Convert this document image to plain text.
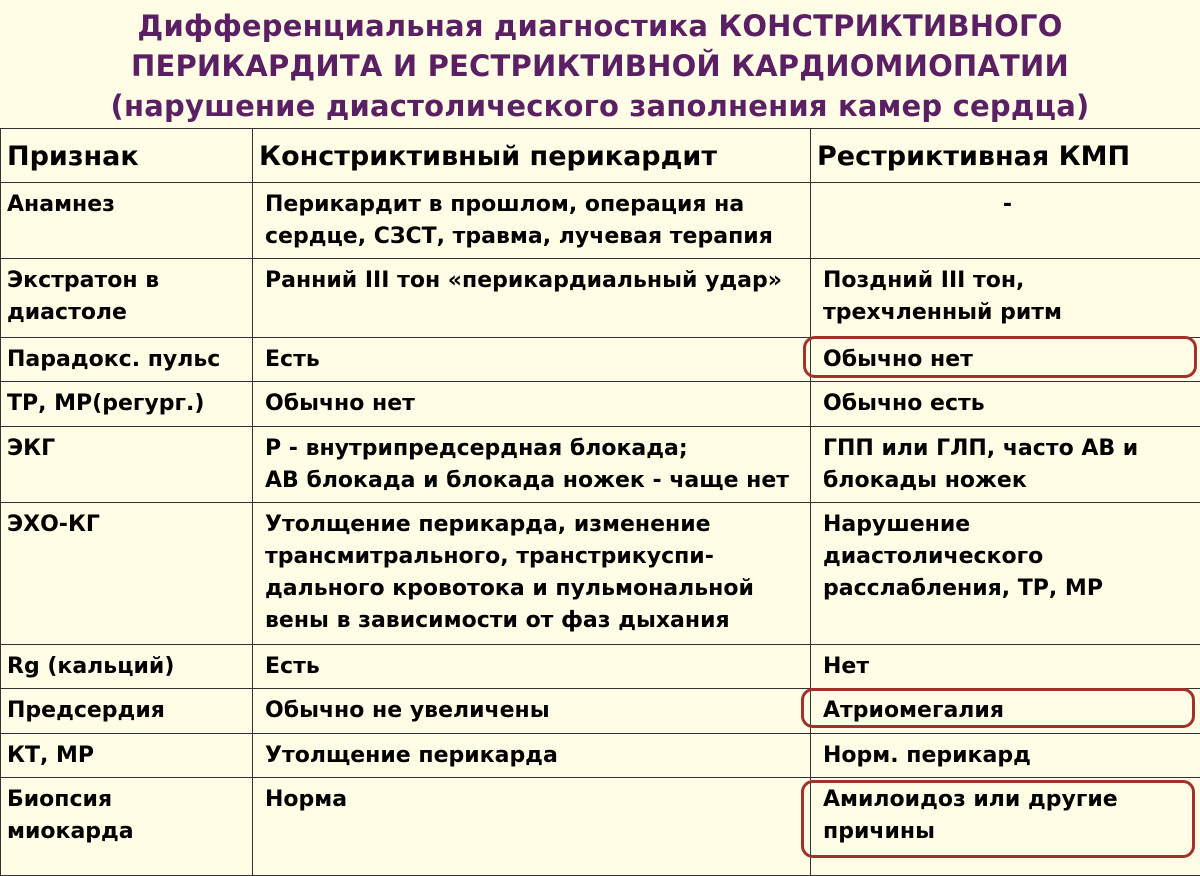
Дифференциальная диагностика КОНСТРИКТИВНОГО
ПЕРИКАРДИТА И РЕСТРИКТИВНОЙ КАРДИОМИОПАТИИ
(нарушение диастолического заполнения камер сердца)
Признак	Констриктивный перикардит	Рестриктивная КМП

Анамнез	Перикардит в прошлом, операция на
сердце, СЗСТ, травма, лучевая терапия	-

Экстратон в
диастоле	Ранний III тон «перикардиальный удар»	Поздний III тон,
трехчленный ритм

Парадокс. пульс	Есть	Обычно нет

ТР, МР(регург.)	Обычно нет	Обычно есть

ЭКГ	Р - внутрипредсердная блокада;
АВ блокада и блокада ножек - чаще нет	ГПП или ГЛП, часто АВ и
блокады ножек

ЭХО-КГ	Утолщение перикарда, изменение
трансмитрального, транстрикуспи-
дального кровотока и пульмональной
вены в зависимости от фаз дыхания	Нарушение
диастолического
расслабления, ТР, МР

Rg (кальций)	Есть	Нет

Предсердия	Обычно не увеличены	Атриомегалия

КТ, МР	Утолщение перикарда	Норм. перикард

Биопсия
миокарда	Норма	Амилоидоз или другие
причины
